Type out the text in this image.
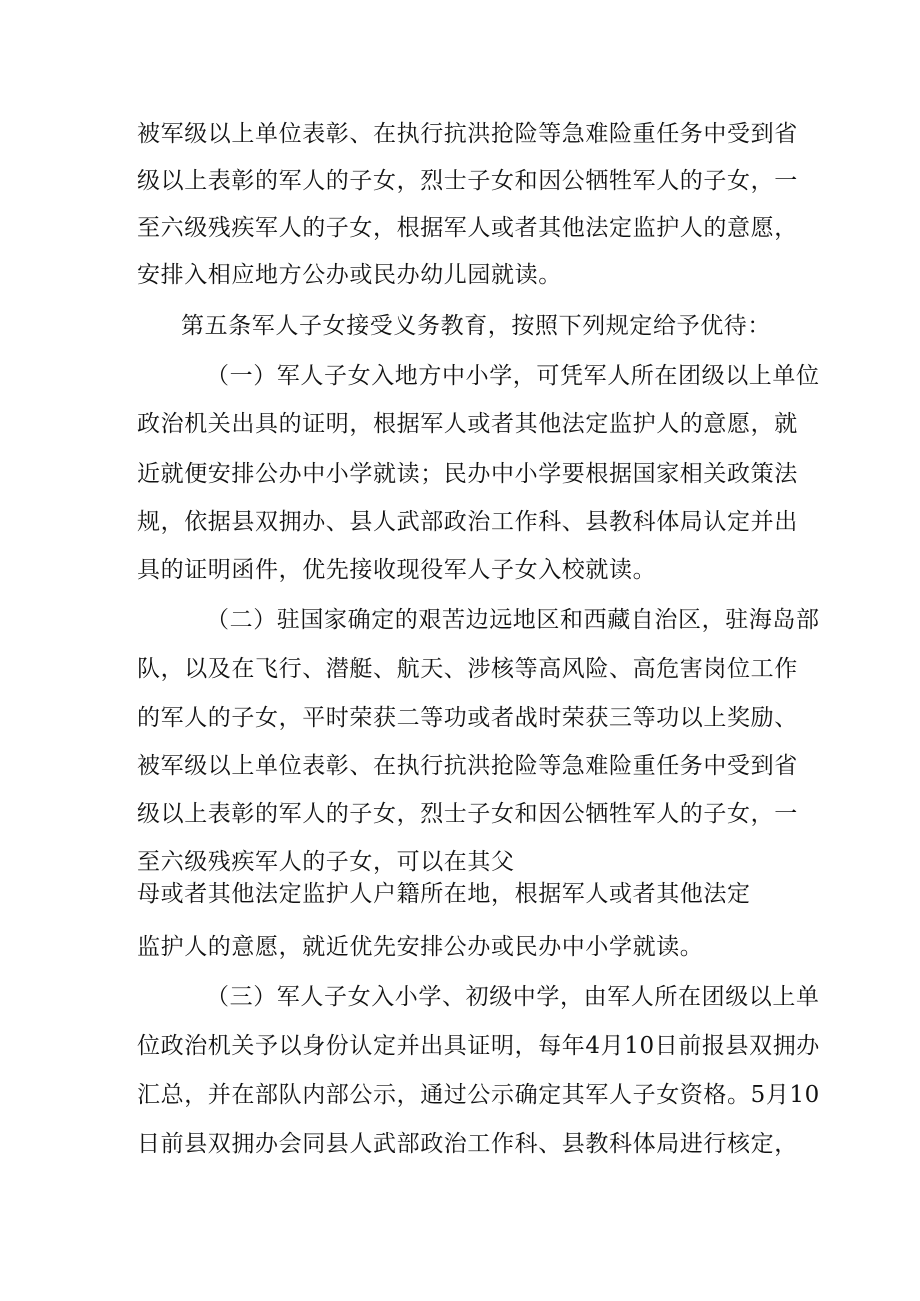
被军级以上单位表彰、在执行抗洪抢险等急难险重任务中受到省
级以上表彰的军人的子女，烈士子女和因公牺牲军人的子女，一
至六级残疾军人的子女，根据军人或者其他法定监护人的意愿，
安排入相应地方公办或民办幼儿园就读。
第五条军人子女接受义务教育，按照下列规定给予优待：
（一）军人子女入地方中小学，可凭军人所在团级以上单位
政治机关出具的证明，根据军人或者其他法定监护人的意愿，就
近就便安排公办中小学就读；民办中小学要根据国家相关政策法
规，依据县双拥办、县人武部政治工作科、县教科体局认定并出
具的证明函件，优先接收现役军人子女入校就读。
（二）驻国家确定的艰苦边远地区和西藏自治区，驻海岛部
队，以及在飞行、潜艇、航天、涉核等高风险、高危害岗位工作
的军人的子女，平时荣获二等功或者战时荣获三等功以上奖励、
被军级以上单位表彰、在执行抗洪抢险等急难险重任务中受到省
级以上表彰的军人的子女，烈士子女和因公牺牲军人的子女，一
至六级残疾军人的子女，可以在其父
母或者其他法定监护人户籍所在地，根据军人或者其他法定
监护人的意愿，就近优先安排公办或民办中小学就读。
（三）军人子女入小学、初级中学，由军人所在团级以上单
位政治机关予以身份认定并出具证明，每年4月10日前报县双拥办
汇总，并在部队内部公示，通过公示确定其军人子女资格。5月10
日前县双拥办会同县人武部政治工作科、县教科体局进行核定，
